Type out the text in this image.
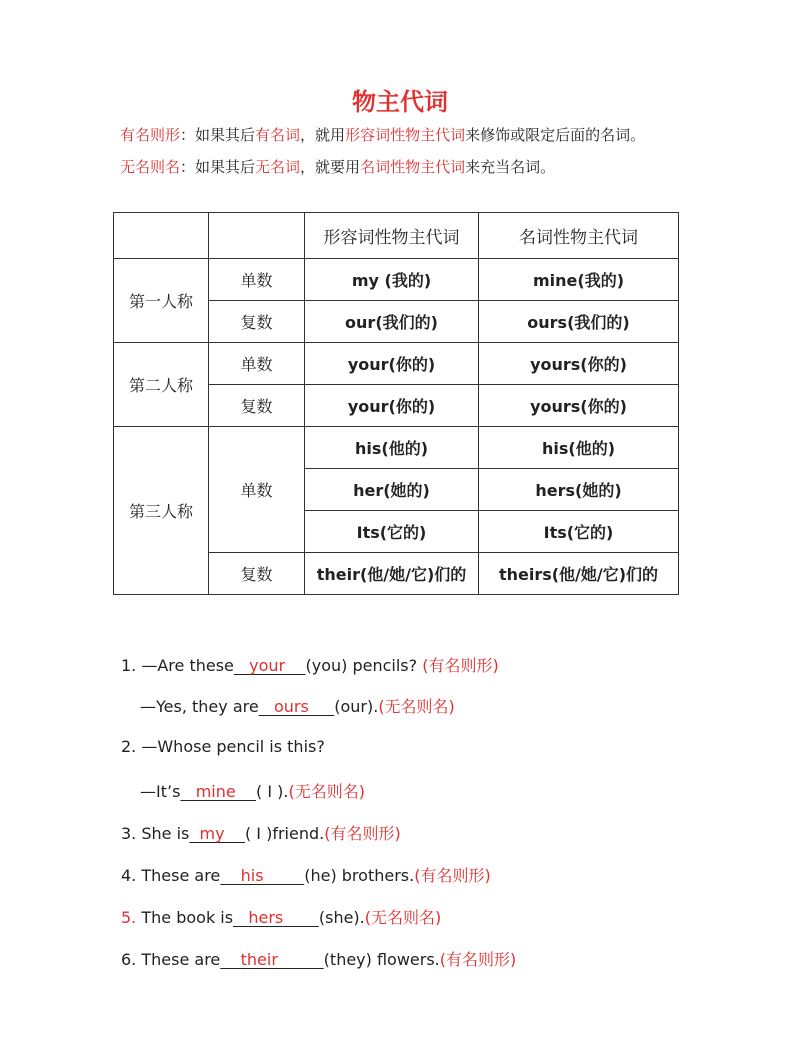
物主代词
有名则形：如果其后有名词，就用形容词性物主代词来修饰或限定后面的名词。
无名则名：如果其后无名词，就要用名词性物主代词来充当名词。
		形容词性物主代词	名词性物主代词
第一人称	单数	my (我的)	mine(我的)
	复数	our(我们的)	ours(我们的)
第二人称	单数	your(你的)	yours(你的)
	复数	your(你的)	yours(你的)
第三人称	单数	his(他的)	his(他的)
		her(她的)	hers(她的)
		Its(它的)	Its(它的)
	复数	their(他/她/它)们的	theirs(他/她/它)们的
1. —Are these your (you) pencils? (有名则形)
—Yes, they are ours (our).(无名则名)
2. —Whose pencil is this?
—It’s mine ( I ).(无名则名)
3. She is my ( I )friend.(有名则形)
4. These are his	(he) brothers.(有名则形)
5. The book is hers (she).(无名则名)
6. These are their	(they) flowers.(有名则形)
